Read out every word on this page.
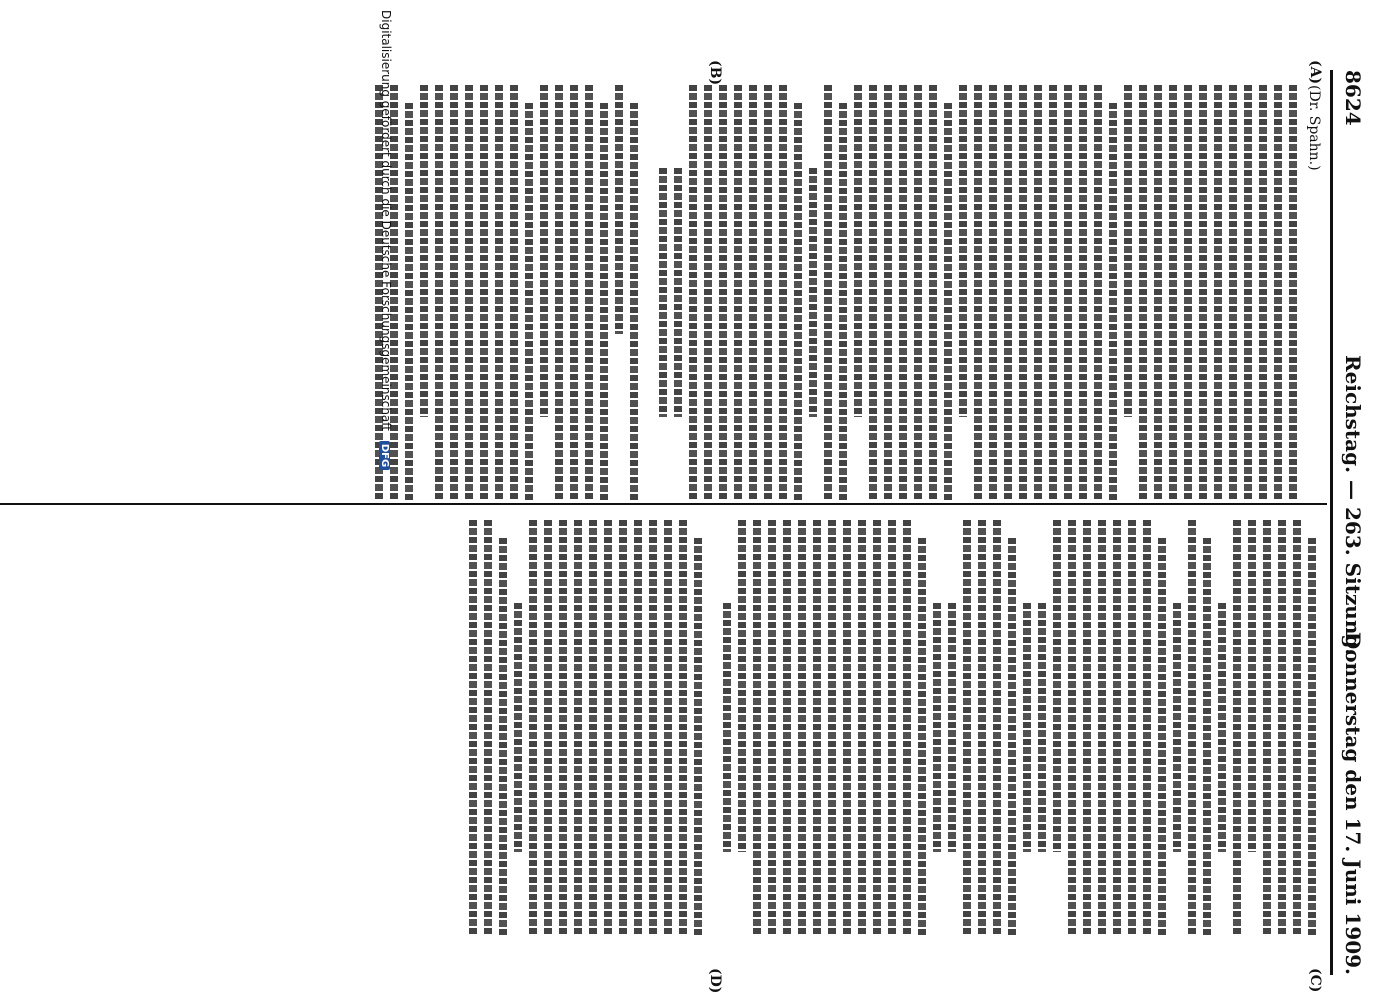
8624
Reichstag. — 263. Sitzung.
Donnerstag den 17. Juni 1909.
(A)
(B)
(C)
(D)
(Dr. Spahn.)
Digitalisierung gefördert durch die Deutsche Forschungsgemeinschaft DFG
